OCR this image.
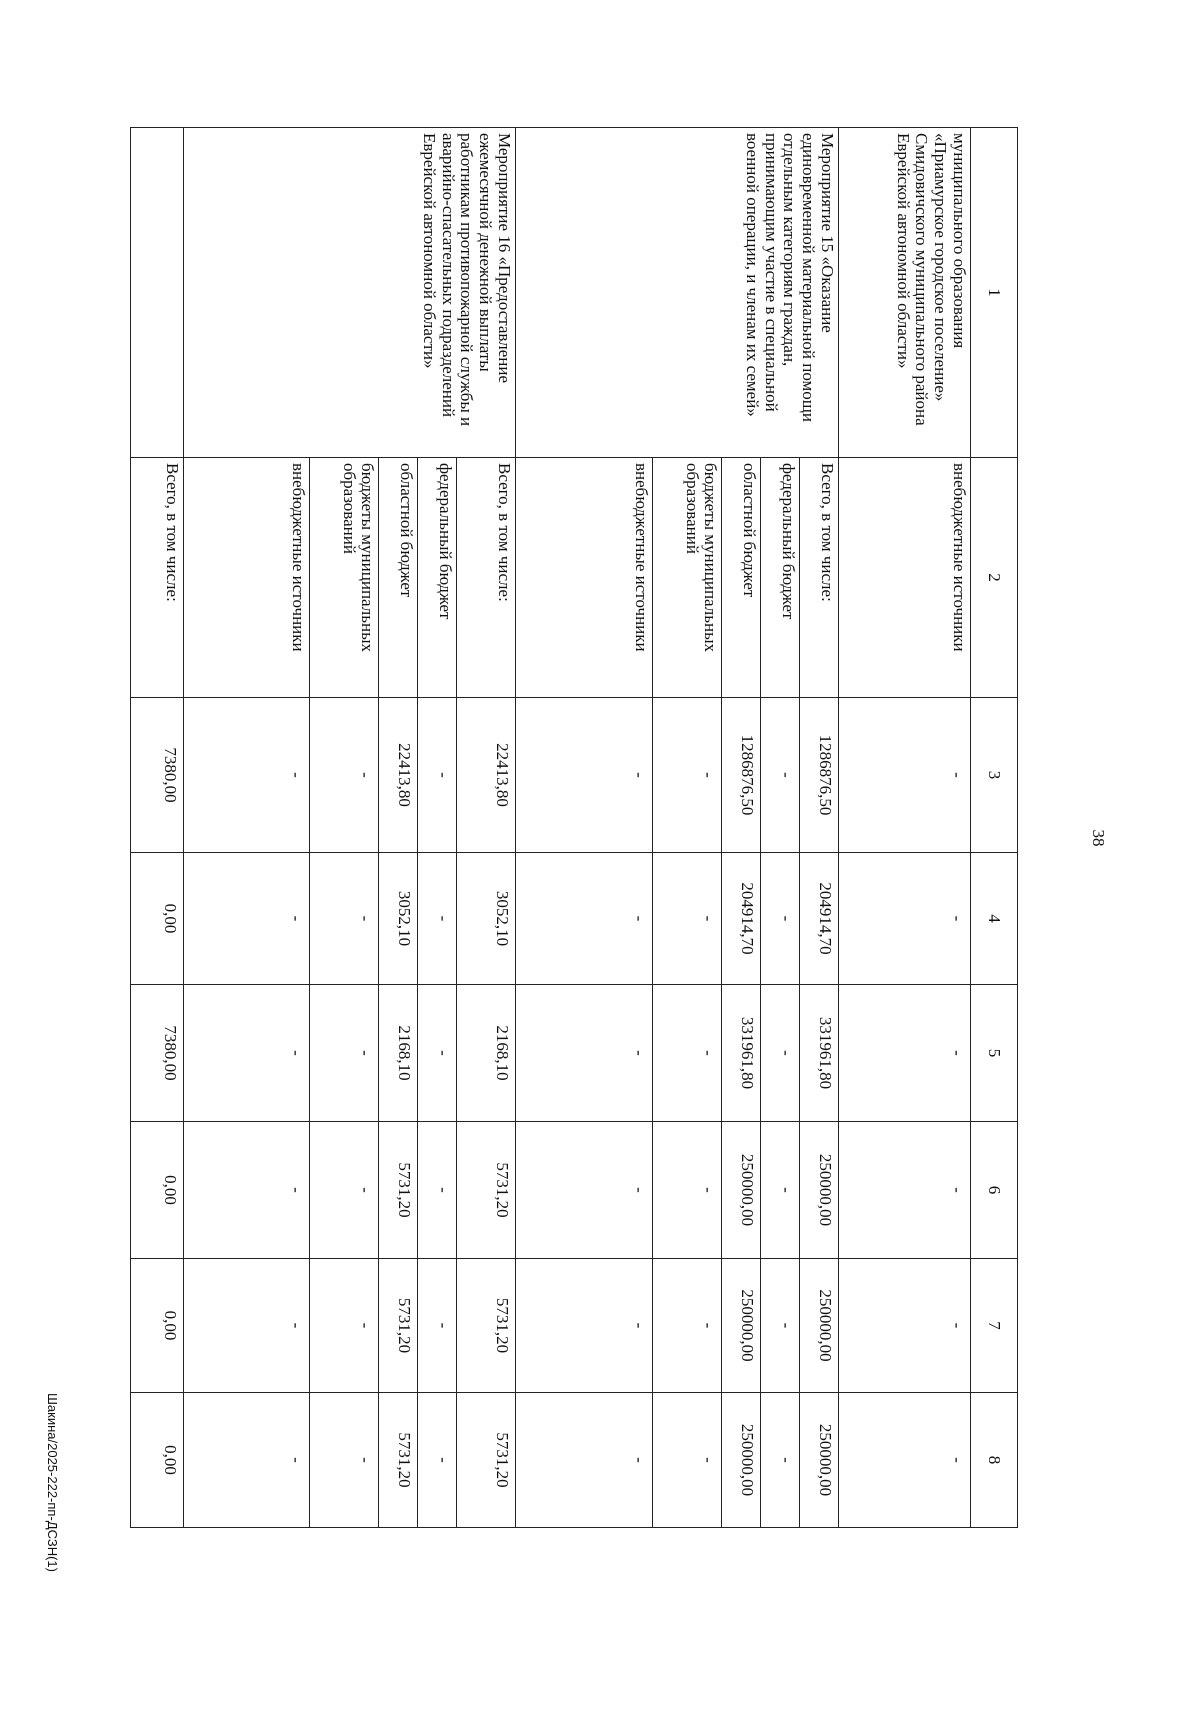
38
1	2	3	4	5	6	7	8
муниципального образования «Приамурское городское поселение» Смидовичского муниципального района Еврейской автономной области»	внебюджетные источники	-	-	-	-	-	-
Мероприятие 15 «Оказание единовременной материальной помощи отдельным категориям граждан, принимающим участие в специальной военной операции, и членам их семей»	Всего, в том числе:	1286876,50	204914,70	331961,80	250000,00	250000,00	250000,00
	федеральный бюджет	-	-	-	-	-	-
	областной бюджет	1286876,50	204914,70	331961,80	250000,00	250000,00	250000,00
	бюджеты муниципальных образований	-	-	-	-	-	-
	внебюджетные источники	-	-	-	-	-	-
Мероприятие 16 «Предоставление ежемесячной денежной выплаты работникам противопожарной службы и аварийно-спасательных подразделений Еврейской автономной области»	Всего, в том числе:	22413,80	3052,10	2168,10	5731,20	5731,20	5731,20
	федеральный бюджет	-	-	-	-	-	-
	областной бюджет	22413,80	3052,10	2168,10	5731,20	5731,20	5731,20
	бюджеты муниципальных образований	-	-	-	-	-	-
	внебюджетные источники	-	-	-	-	-	-
	Всего, в том числе:	7380,00	0,00	7380,00	0,00	0,00	0,00
Шакина/2025-222-пп-ДСЗН(1)
